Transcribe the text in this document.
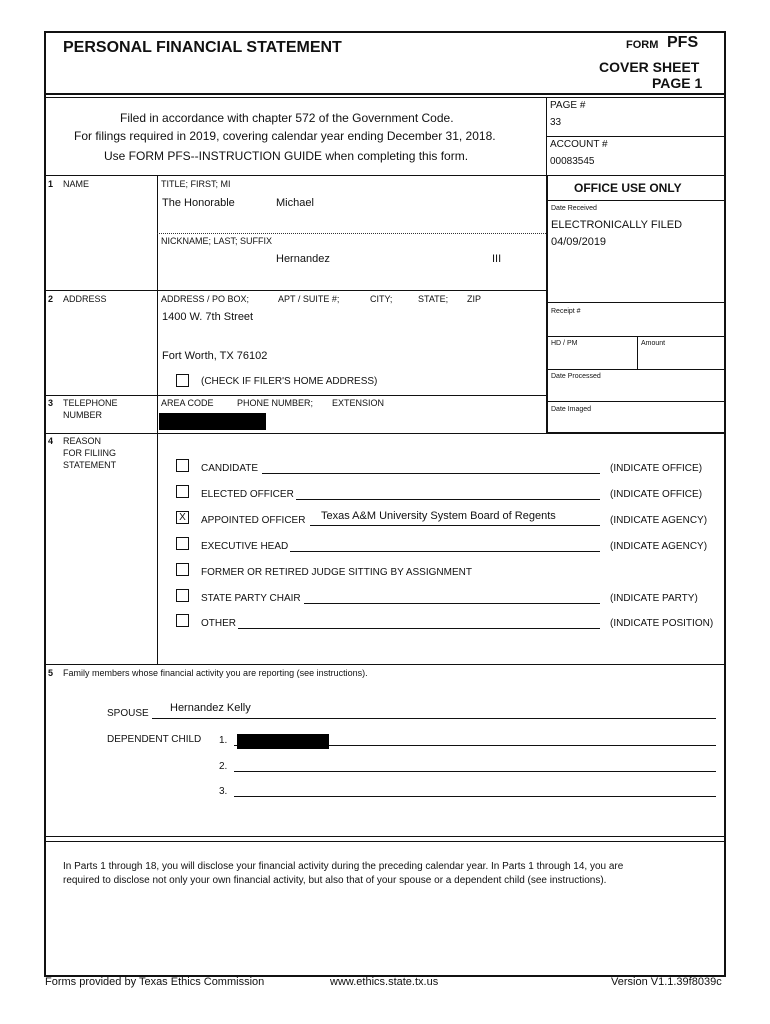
PERSONAL FINANCIAL STATEMENT	FORM PFS
COVER SHEET
PAGE 1
Filed in accordance with chapter 572 of the Government Code.
For filings required in 2019, covering calendar year ending December 31, 2018.
Use FORM PFS--INSTRUCTION GUIDE when completing this form.
PAGE #
33
ACCOUNT #
00083545
OFFICE USE ONLY
Date Received
ELECTRONICALLY FILED
04/09/2019
Receipt #
HD / PM	Amount
Date Processed
Date Imaged
1 NAME	TITLE; FIRST; MI
The Honorable	Michael
NICKNAME; LAST; SUFFIX
Hernandez	III
2 ADDRESS	ADDRESS / PO BOX;	APT / SUITE #;	CITY;	STATE; ZIP
1400 W. 7th Street
Fort Worth, TX 76102
(CHECK IF FILER'S HOME ADDRESS)
3 TELEPHONE
NUMBER
AREA CODE	PHONE NUMBER; EXTENSION
4 REASON
FOR FILIING
STATEMENT	CANDIDATE	(INDICATE OFFICE)
ELECTED OFFICER	(INDICATE OFFICE)
X	APPOINTED OFFICER Texas A&M University System Board of Regents	(INDICATE AGENCY)
EXECUTIVE HEAD	(INDICATE AGENCY)
FORMER OR RETIRED JUDGE SITTING BY ASSIGNMENT
STATE PARTY CHAIR	(INDICATE PARTY)
OTHER	(INDICATE POSITION)
5 Family members whose financial activity you are reporting (see instructions).
SPOUSE Hernandez Kelly
DEPENDENT CHILD 1.
2.
3.
In Parts 1 through 18, you will disclose your financial activity during the preceding calendar year. In Parts 1 through 14, you are
required to disclose not only your own financial activity, but also that of your spouse or a dependent child (see instructions).
Forms provided by Texas Ethics Commission	www.ethics.state.tx.us	Version V1.1.39f8039c
